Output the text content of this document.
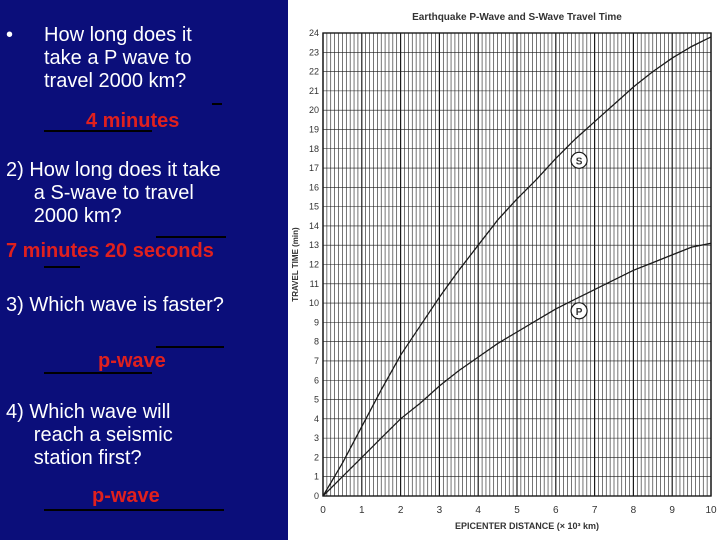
• How long does it
take a P wave to
travel 2000 km?
4 minutes
2) How long does it take
a S-wave to travel
2000 km?
7 minutes 20 seconds
3) Which wave is faster?
p-wave
4) Which wave will
reach a seismic
station first?
p-wave
Earthquake P-Wave and S-Wave Travel Time
0
1
2
3
4
5
6
7
8
9
10
11
12
13
14
15
16
17
18
19
20
21
22
23
24
0	1	2	3	4	5	6	7	8	9	10
EPICENTER DISTANCE (× 10³ km)
TRAVEL TIME (min)
S
P
